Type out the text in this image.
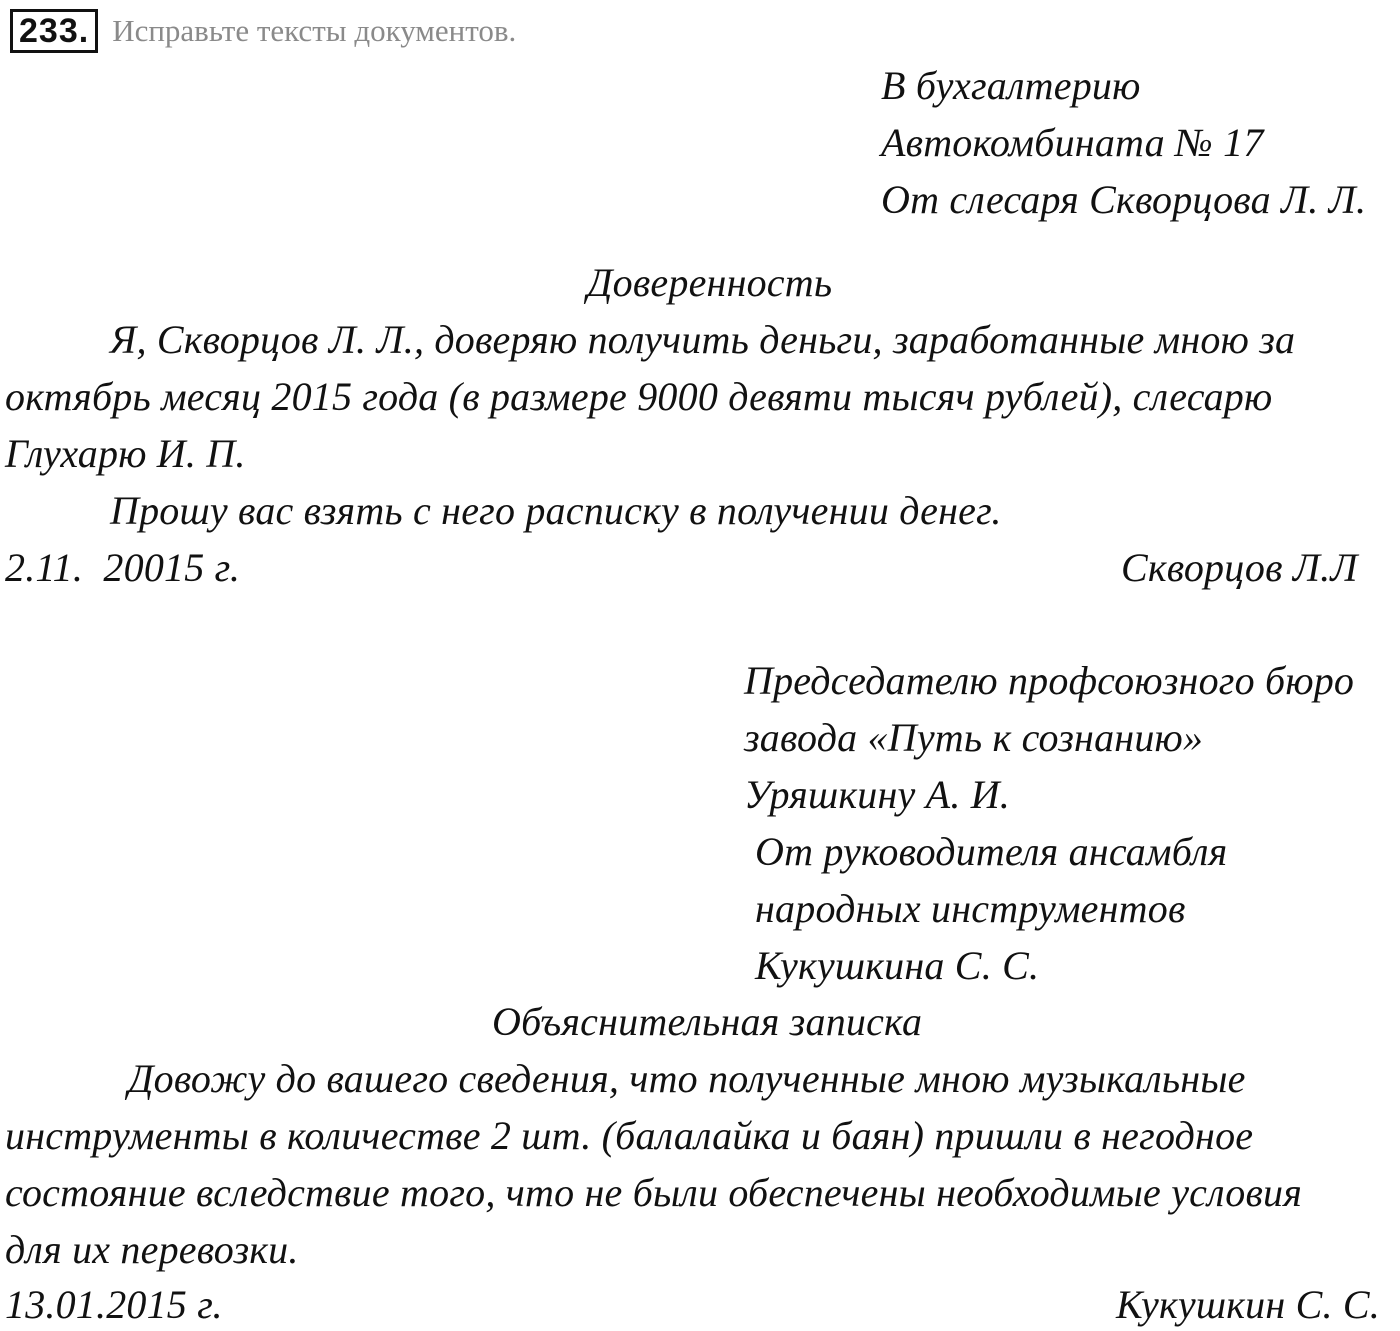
233. Исправьте тексты документов.
В бухгалтерию
Автокомбината № 17
От слесаря Скворцова Л. Л.
Доверенность
Я, Скворцов Л. Л., доверяю получить деньги, заработанные мною за
октябрь месяц 2015 года (в размере 9000 девяти тысяч рублей), слесарю
Глухарю И. П.
Прошу вас взять с него расписку в получении денег.
2.11.  20015 г.	Скворцов Л.Л
Председателю профсоюзного бюро
завода «Путь к сознанию»
Уряшкину А. И.
От руководителя ансамбля
народных инструментов
Кукушкина С. С.
Объяснительная записка
Довожу до вашего сведения, что полученные мною музыкальные
инструменты в количестве 2 шт. (балалайка и баян) пришли в негодное
состояние вследствие того, что не были обеспечены необходимые условия
для их перевозки.
13.01.2015 г.	Кукушкин С. С.
